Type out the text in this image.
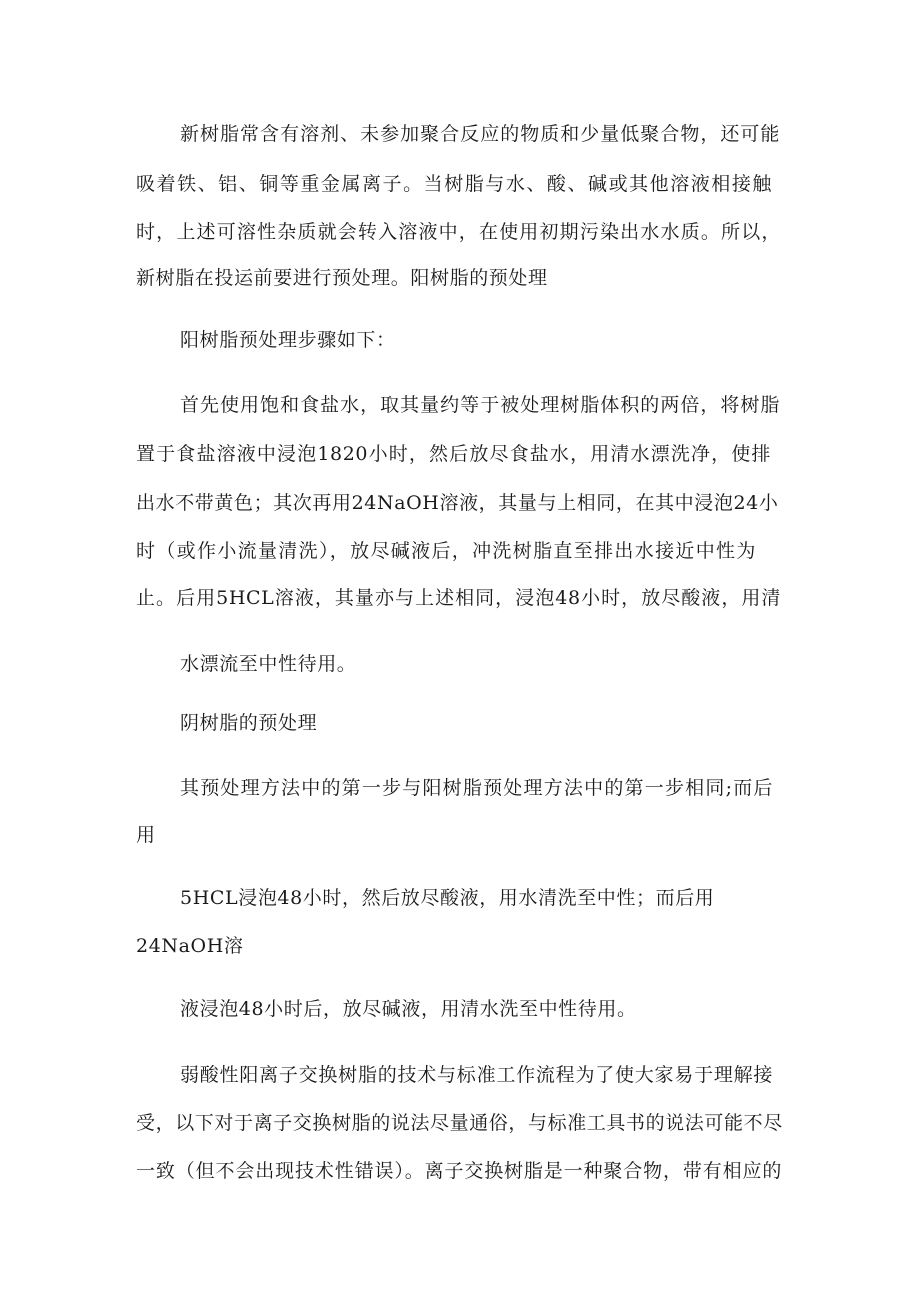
新树脂常含有溶剂、未参加聚合反应的物质和少量低聚合物，还可能
吸着铁、铝、铜等重金属离子。当树脂与水、酸、碱或其他溶液相接触
时，上述可溶性杂质就会转入溶液中，在使用初期污染出水水质。所以，
新树脂在投运前要进行预处理。阳树脂的预处理
阳树脂预处理步骤如下：
首先使用饱和食盐水，取其量约等于被处理树脂体积的两倍，将树脂
置于食盐溶液中浸泡1820小时，然后放尽食盐水，用清水漂洗净，使排
出水不带黄色；其次再用24NaOH溶液，其量与上相同，在其中浸泡24小
时（或作小流量清洗），放尽碱液后，冲洗树脂直至排出水接近中性为
止。后用5HCL溶液，其量亦与上述相同，浸泡48小时，放尽酸液，用清
水漂流至中性待用。
阴树脂的预处理
其预处理方法中的第一步与阳树脂预处理方法中的第一步相同;而后
用
5HCL浸泡48小时，然后放尽酸液，用水清洗至中性；而后用
24NaOH溶
液浸泡48小时后，放尽碱液，用清水洗至中性待用。
弱酸性阳离子交换树脂的技术与标准工作流程为了使大家易于理解接
受，以下对于离子交换树脂的说法尽量通俗，与标准工具书的说法可能不尽
一致（但不会出现技术性错误）。离子交换树脂是一种聚合物，带有相应的
